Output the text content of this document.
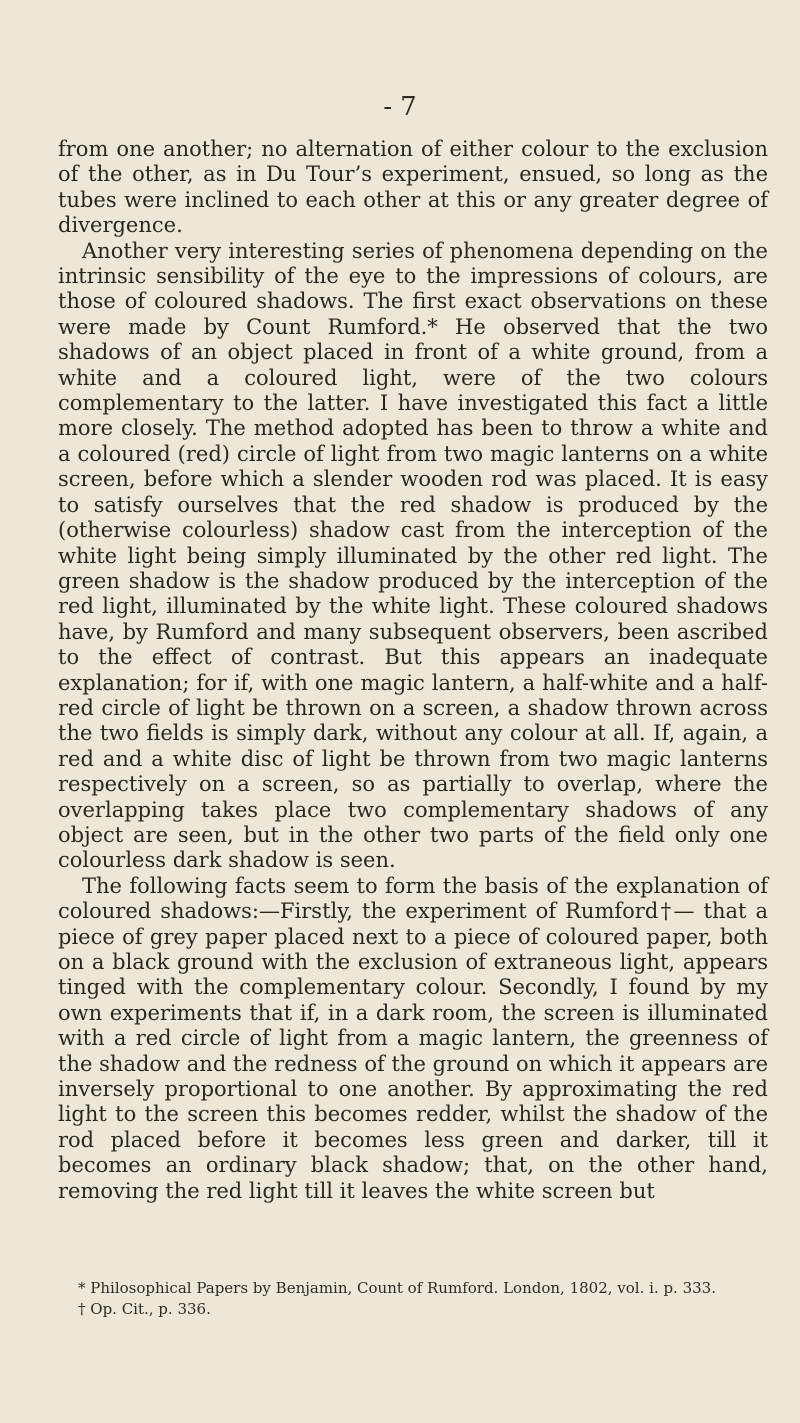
- 7

from one another; no alternation of either colour to the exclusion of the other, as in Du Tour’s experiment, ensued, so long as the tubes were inclined to each other at this or any greater degree of divergence.

Another very interesting series of phenomena depending on the intrinsic sensibility of the eye to the impressions of colours, are those of coloured shadows. The first exact observations on these were made by Count Rumford.* He observed that the two shadows of an object placed in front of a white ground, from a white and a coloured light, were of the two colours complementary to the latter. I have investigated this fact a little more closely. The method adopted has been to throw a white and a coloured (red) circle of light from two magic lanterns on a white screen, before which a slender wooden rod was placed. It is easy to satisfy ourselves that the red shadow is produced by the (otherwise colourless) shadow cast from the interception of the white light being simply illuminated by the other red light. The green shadow is the shadow produced by the interception of the red light, illuminated by the white light. These coloured shadows have, by Rumford and many subsequent observers, been ascribed to the effect of contrast. But this appears an inadequate explanation; for if, with one magic lantern, a half-white and a half-red circle of light be thrown on a screen, a shadow thrown across the two fields is simply dark, without any colour at all. If, again, a red and a white disc of light be thrown from two magic lanterns respectively on a screen, so as partially to overlap, where the overlapping takes place two complementary shadows of any object are seen, but in the other two parts of the field only one colourless dark shadow is seen.

The following facts seem to form the basis of the explanation of coloured shadows:—Firstly, the experiment of Rumford†— that a piece of grey paper placed next to a piece of coloured paper, both on a black ground with the exclusion of extraneous light, appears tinged with the complementary colour. Secondly, I found by my own experiments that if, in a dark room, the screen is illuminated with a red circle of light from a magic lantern, the greenness of the shadow and the redness of the ground on which it appears are inversely proportional to one another. By approximating the red light to the screen this becomes redder, whilst the shadow of the rod placed before it becomes less green and darker, till it becomes an ordinary black shadow; that, on the other hand, removing the red light till it leaves the white screen but

* Philosophical Papers by Benjamin, Count of Rumford. London, 1802, vol. i. p. 333.

† Op. Cit., p. 336.
